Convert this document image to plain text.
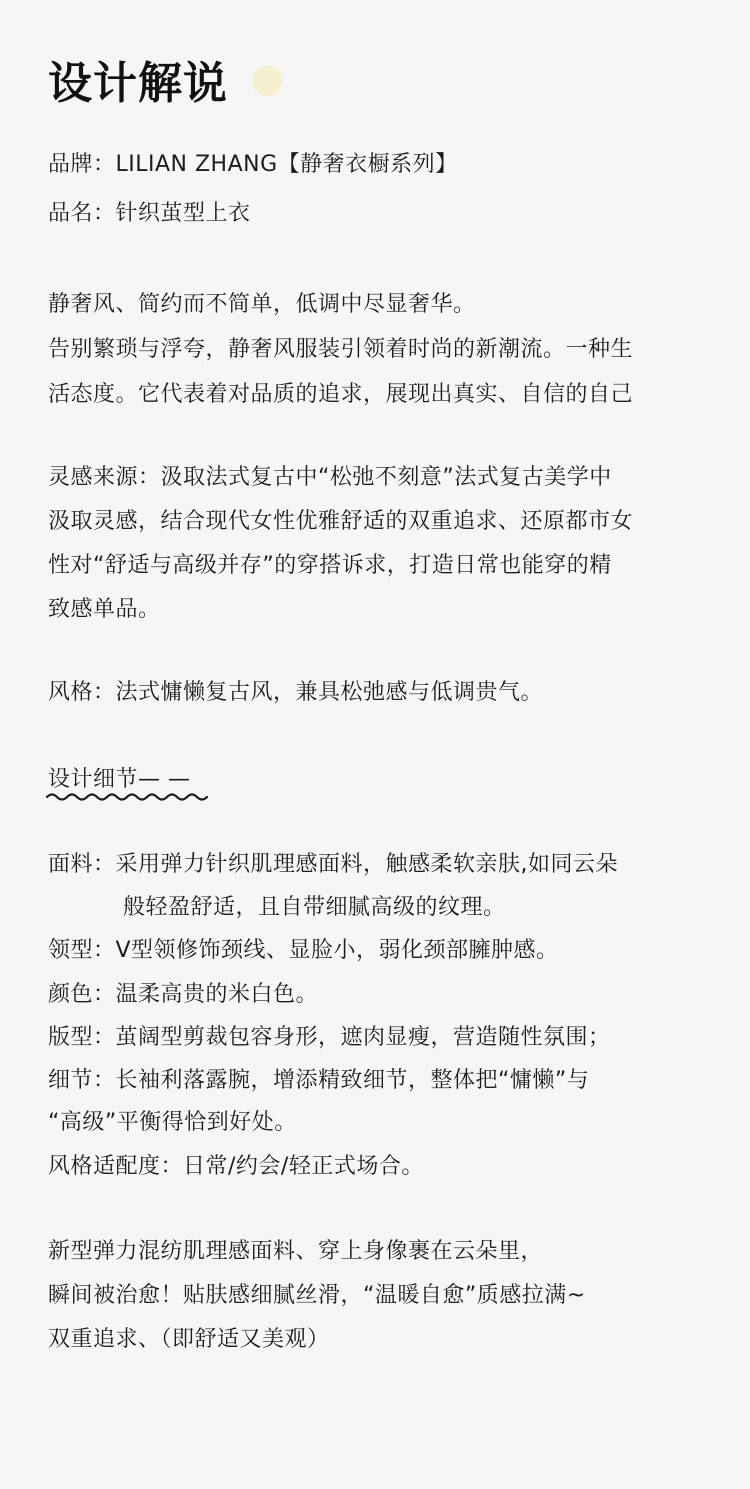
设计解说
品牌：LILIAN ZHANG【静奢衣橱系列】
品名：针织茧型上衣
静奢风、简约而不简单，低调中尽显奢华。
告别繁琐与浮夸，静奢风服装引领着时尚的新潮流。一种生
活态度。它代表着对品质的追求，展现出真实、自信的自己
灵感来源：汲取法式复古中“松弛不刻意”法式复古美学中
汲取灵感，结合现代女性优雅舒适的双重追求、还原都市女
性对“舒适与高级并存”的穿搭诉求，打造日常也能穿的精
致感单品。
风格：法式慵懒复古风，兼具松弛感与低调贵气。
设计细节— —
面料：采用弹力针织肌理感面料，触感柔软亲肤,如同云朵
般轻盈舒适，且自带细腻高级的纹理。
领型：V型领修饰颈线、显脸小，弱化颈部臃肿感。
颜色：温柔高贵的米白色。
版型：茧阔型剪裁包容身形，遮肉显瘦，营造随性氛围；
细节：长袖利落露腕，增添精致细节，整体把“慵懒”与
“高级”平衡得恰到好处。
风格适配度：日常/约会/轻正式场合。
新型弹力混纺肌理感面料、穿上身像裹在云朵里，
瞬间被治愈！贴肤感细腻丝滑，“温暖自愈”质感拉满~
双重追求、（即舒适又美观）
